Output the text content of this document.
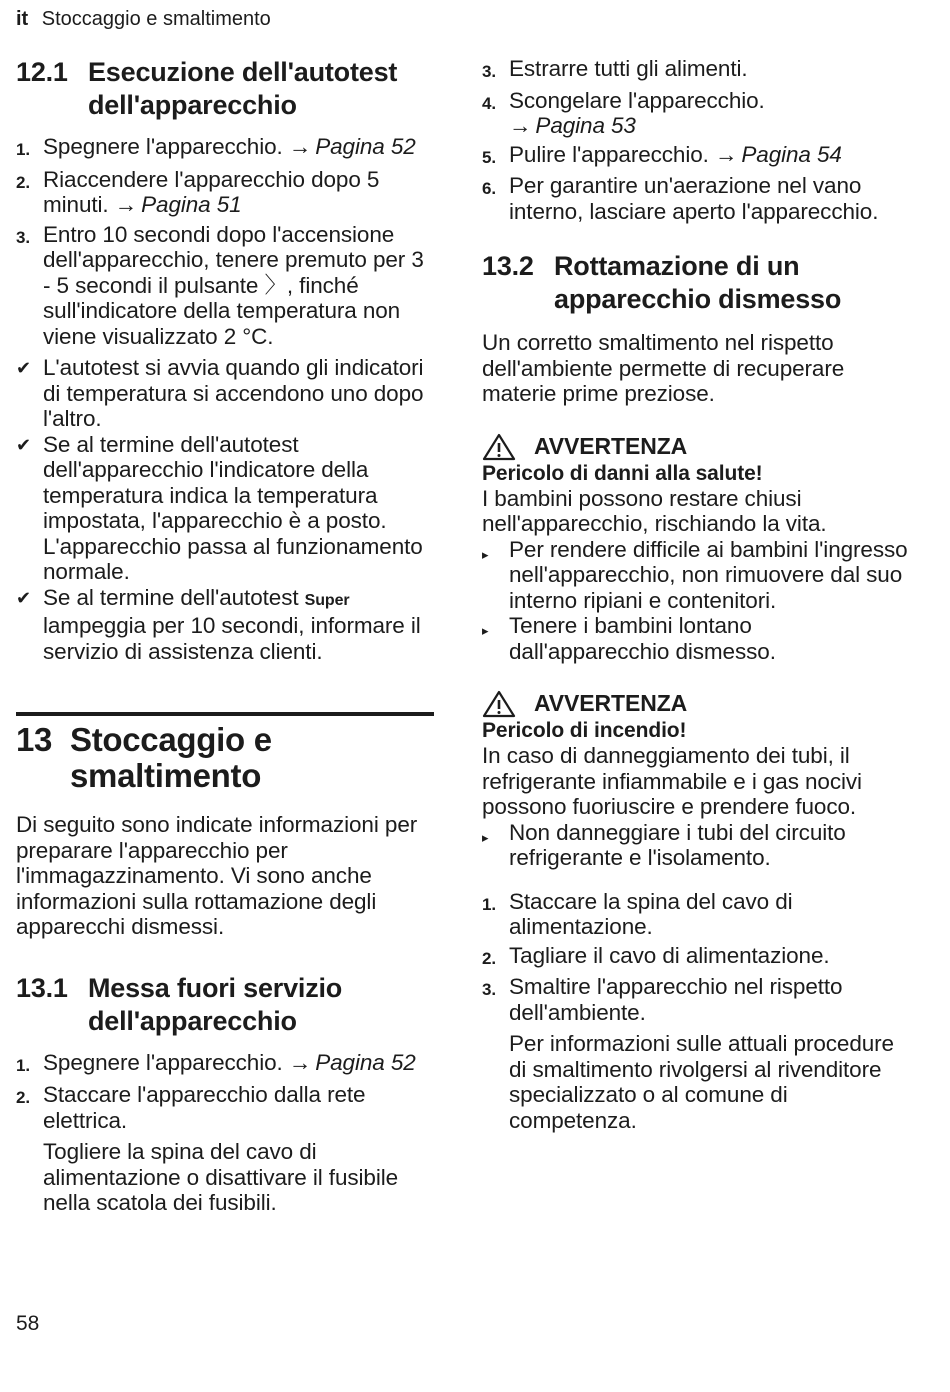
it Stoccaggio e smaltimento
12.1 Esecuzione dell'autotest dell'apparecchio
1. Spegnere l'apparecchio. → Pagina 52
2. Riaccendere l'apparecchio dopo 5 minuti. → Pagina 51
3. Entro 10 secondi dopo l'accensione dell'apparecchio, tenere premuto per 3 - 5 secondi il pulsante 〉, finché sull'indicatore della temperatura non viene visualizzato 2 °C.
✔ L'autotest si avvia quando gli indicatori di temperatura si accendono uno dopo l'altro.
✔ Se al termine dell'autotest dell'apparecchio l'indicatore della temperatura indica la temperatura impostata, l'apparecchio è a posto. L'apparecchio passa al funzionamento normale.
✔ Se al termine dell'autotest Super lampeggia per 10 secondi, informare il servizio di assistenza clienti.
13 Stoccaggio e smaltimento

Di seguito sono indicate informazioni per preparare l'apparecchio per l'immagazzinamento. Vi sono anche informazioni sulla rottamazione degli apparecchi dismessi.

13.1 Messa fuori servizio dell'apparecchio
1. Spegnere l'apparecchio. → Pagina 52
2. Staccare l'apparecchio dalla rete elettrica.

Togliere la spina del cavo di alimentazione o disattivare il fusibile nella scatola dei fusibili.

3. Estrarre tutti gli alimenti.
4. Scongelare l'apparecchio.
→ Pagina 53
5. Pulire l'apparecchio. → Pagina 54
6. Per garantire un'aerazione nel vano interno, lasciare aperto l'apparecchio.
13.2 Rottamazione di un apparecchio dismesso

Un corretto smaltimento nel rispetto dell'ambiente permette di recuperare materie prime preziose.

AVVERTENZA
Pericolo di danni alla salute!
I bambini possono restare chiusi nell'apparecchio, rischiando la vita.
▸ Per rendere difficile ai bambini l'ingresso nell'apparecchio, non rimuovere dal suo interno ripiani e contenitori.
▸ Tenere i bambini lontano dall'apparecchio dismesso.
AVVERTENZA
Pericolo di incendio!
In caso di danneggiamento dei tubi, il refrigerante infiammabile e i gas nocivi possono fuoriuscire e prendere fuoco.
▸ Non danneggiare i tubi del circuito refrigerante e l'isolamento.
1. Staccare la spina del cavo di alimentazione.
2. Tagliare il cavo di alimentazione.
3. Smaltire l'apparecchio nel rispetto dell'ambiente.

Per informazioni sulle attuali procedure di smaltimento rivolgersi al rivenditore specializzato o al comune di competenza.

58
